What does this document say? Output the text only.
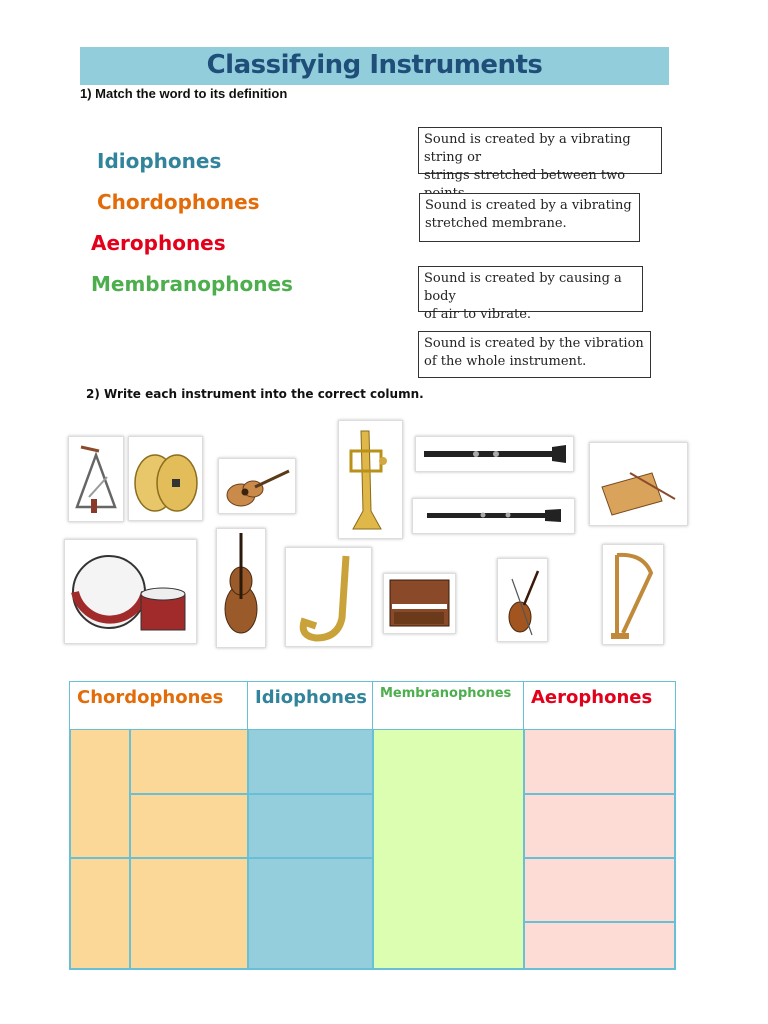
Classifying Instruments
1) Match the word to its definition
Idiophones
Chordophones
Aerophones
Membranophones
Sound is created by a vibrating string or
strings stretched between two
Sound is created by a vibrating
stretched membrane.
Sound is created by causing a body
of air to vibrate.
Sound is created by the vibration
of the whole instrument.
2) Write each instrument into the correct column.
Chordophones	Idiophones	Membranophones	Aerophones
